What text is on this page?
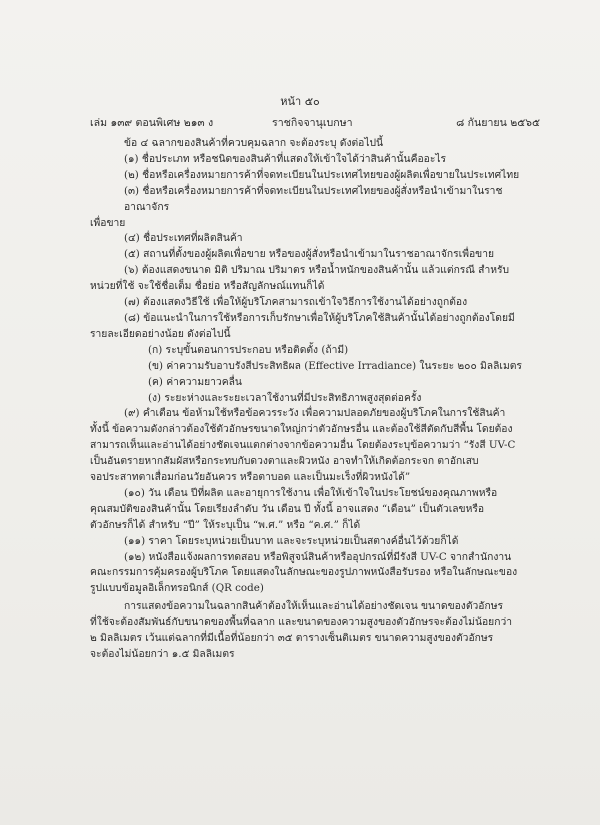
หน้า ๕๐
เล่ม ๑๓๙ ตอนพิเศษ ๒๑๓ ง	ราชกิจจานุเบกษา	๘ กันยายน ๒๕๖๕

ข้อ ๔ ฉลากของสินค้าที่ควบคุมฉลาก จะต้องระบุ ดังต่อไปนี้

(๑) ชื่อประเภท หรือชนิดของสินค้าที่แสดงให้เข้าใจได้ว่าสินค้านั้นคืออะไร

(๒) ชื่อหรือเครื่องหมายการค้าที่จดทะเบียนในประเทศไทยของผู้ผลิตเพื่อขายในประเทศไทย

(๓) ชื่อหรือเครื่องหมายการค้าที่จดทะเบียนในประเทศไทยของผู้สั่งหรือนำเข้ามาในราชอาณาจักร

เพื่อขาย

(๔) ชื่อประเทศที่ผลิตสินค้า

(๕) สถานที่ตั้งของผู้ผลิตเพื่อขาย หรือของผู้สั่งหรือนำเข้ามาในราชอาณาจักรเพื่อขาย

(๖) ต้องแสดงขนาด มิติ ปริมาณ ปริมาตร หรือน้ำหนักของสินค้านั้น แล้วแต่กรณี สำหรับ

หน่วยที่ใช้ จะใช้ชื่อเต็ม ชื่อย่อ หรือสัญลักษณ์แทนก็ได้

(๗) ต้องแสดงวิธีใช้ เพื่อให้ผู้บริโภคสามารถเข้าใจวิธีการใช้งานได้อย่างถูกต้อง

(๘) ข้อแนะนำในการใช้หรือการเก็บรักษาเพื่อให้ผู้บริโภคใช้สินค้านั้นได้อย่างถูกต้องโดยมี

รายละเอียดอย่างน้อย ดังต่อไปนี้

(ก) ระบุขั้นตอนการประกอบ หรือติดตั้ง (ถ้ามี)

(ข) ค่าความรับอาบรังสีประสิทธิผล (Effective Irradiance) ในระยะ ๒๐๐ มิลลิเมตร

(ค) ค่าความยาวคลื่น

(ง) ระยะห่างและระยะเวลาใช้งานที่มีประสิทธิภาพสูงสุดต่อครั้ง

(๙) คำเตือน ข้อห้ามใช้หรือข้อควรระวัง เพื่อความปลอดภัยของผู้บริโภคในการใช้สินค้า

ทั้งนี้ ข้อความดังกล่าวต้องใช้ตัวอักษรขนาดใหญ่กว่าตัวอักษรอื่น และต้องใช้สีตัดกับสีพื้น โดยต้อง

สามารถเห็นและอ่านได้อย่างชัดเจนแตกต่างจากข้อความอื่น โดยต้องระบุข้อความว่า “รังสี UV-C

เป็นอันตรายหากสัมผัสหรือกระทบกับดวงตาและผิวหนัง อาจทำให้เกิดต้อกระจก ตาอักเสบ

จอประสาทตาเสื่อมก่อนวัยอันควร หรือตาบอด และเป็นมะเร็งที่ผิวหนังได้”

(๑๐) วัน เดือน ปีที่ผลิต และอายุการใช้งาน เพื่อให้เข้าใจในประโยชน์ของคุณภาพหรือ

คุณสมบัติของสินค้านั้น โดยเรียงลำดับ วัน เดือน ปี ทั้งนี้ อาจแสดง “เดือน” เป็นตัวเลขหรือ

ตัวอักษรก็ได้ สำหรับ “ปี” ให้ระบุเป็น “พ.ศ.” หรือ “ค.ศ.” ก็ได้

(๑๑) ราคา โดยระบุหน่วยเป็นบาท และจะระบุหน่วยเป็นสตางค์อื่นไว้ด้วยก็ได้

(๑๒) หนังสือแจ้งผลการทดสอบ หรือพิสูจน์สินค้าหรืออุปกรณ์ที่มีรังสี UV-C จากสำนักงาน

คณะกรรมการคุ้มครองผู้บริโภค โดยแสดงในลักษณะของรูปภาพหนังสือรับรอง หรือในลักษณะของ

รูปแบบข้อมูลอิเล็กทรอนิกส์ (QR code)

การแสดงข้อความในฉลากสินค้าต้องให้เห็นและอ่านได้อย่างชัดเจน ขนาดของตัวอักษร

ที่ใช้จะต้องสัมพันธ์กับขนาดของพื้นที่ฉลาก และขนาดของความสูงของตัวอักษรจะต้องไม่น้อยกว่า

๒ มิลลิเมตร เว้นแต่ฉลากที่มีเนื้อที่น้อยกว่า ๓๕ ตารางเซ็นติเมตร ขนาดความสูงของตัวอักษร

จะต้องไม่น้อยกว่า ๑.๕ มิลลิเมตร
